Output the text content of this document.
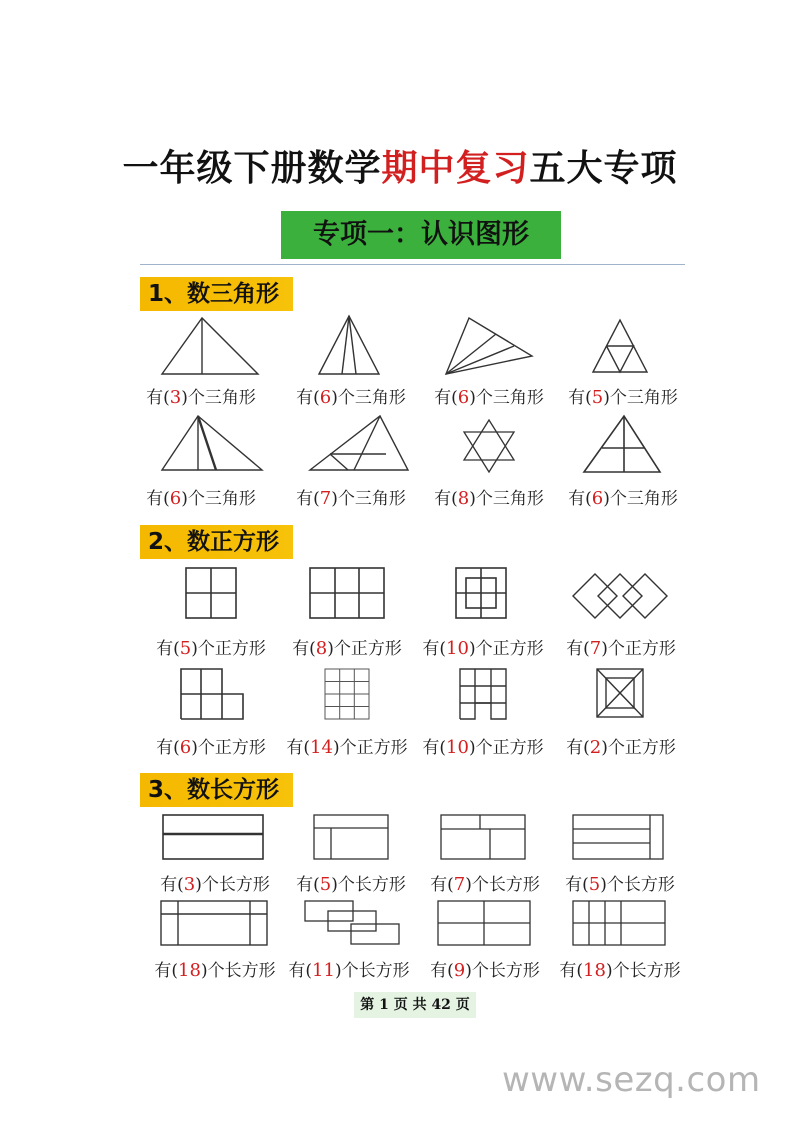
一年级下册数学期中复习五大专项
专项一：认识图形
1、数三角形
2、数正方形
3、数长方形
有(3)个三角形	有(6)个三角形	有(6)个三角形	有(5)个三角形
有(6)个三角形	有(7)个三角形	有(8)个三角形	有(6)个三角形
有(5)个正方形	有(8)个正方形	有(10)个正方形	有(7)个正方形
有(6)个正方形	有(14)个正方形 有(10)个正方形	有(2)个正方形
有(3)个长方形	有(5)个长方形	有(7)个长方形	有(5)个长方形
有(18)个长方形 有(11)个长方形	有(9)个长方形	有(18)个长方形
第 1 页 共 42 页
www.sezq.com
